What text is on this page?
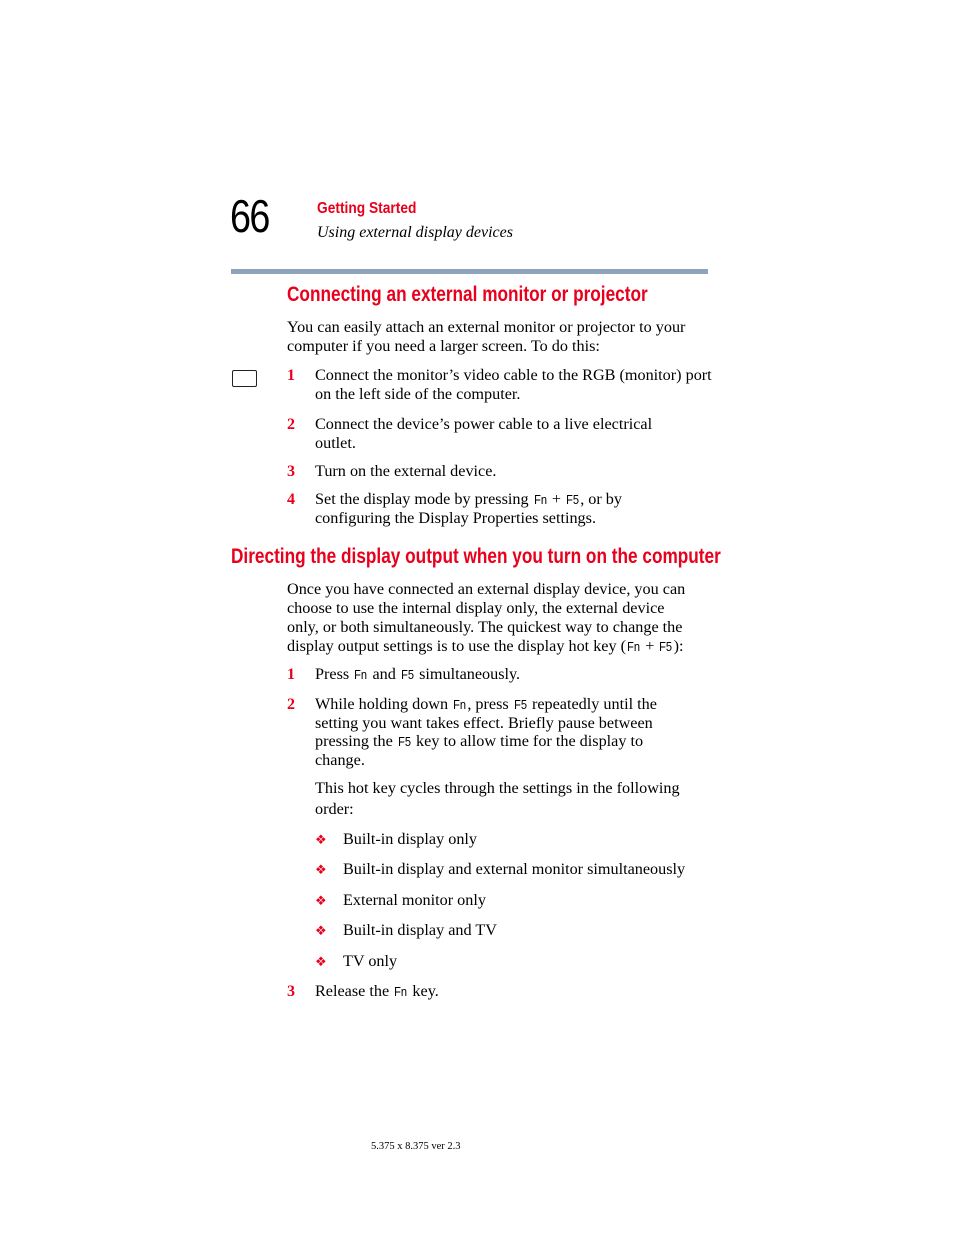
66	Getting Started
Using external display devices
Connecting an external monitor or projector
You can easily attach an external monitor or projector to your
computer if you need a larger screen. To do this:
1 Connect the monitor’s video cable to the RGB (monitor) port
on the left side of the computer.
2 Connect the device’s power cable to a live electrical
outlet.
3 Turn on the external device.
4 Set the display mode by pressing Fn + F5, or by
configuring the Display Properties settings.
Directing the display output when you turn on the computer
Once you have connected an external display device, you can
choose to use the internal display only, the external device
only, or both simultaneously. The quickest way to change the
display output settings is to use the display hot key (Fn + F5):
1 Press Fn and F5 simultaneously.
2 While holding down Fn, press F5 repeatedly until the
setting you want takes effect. Briefly pause between
pressing the F5 key to allow time for the display to
change.
This hot key cycles through the settings in the following
order:
❖ Built-in display only
❖ Built-in display and external monitor simultaneously
❖ External monitor only
❖ Built-in display and TV
❖ TV only
3 Release the Fn key.
5.375 x 8.375 ver 2.3
